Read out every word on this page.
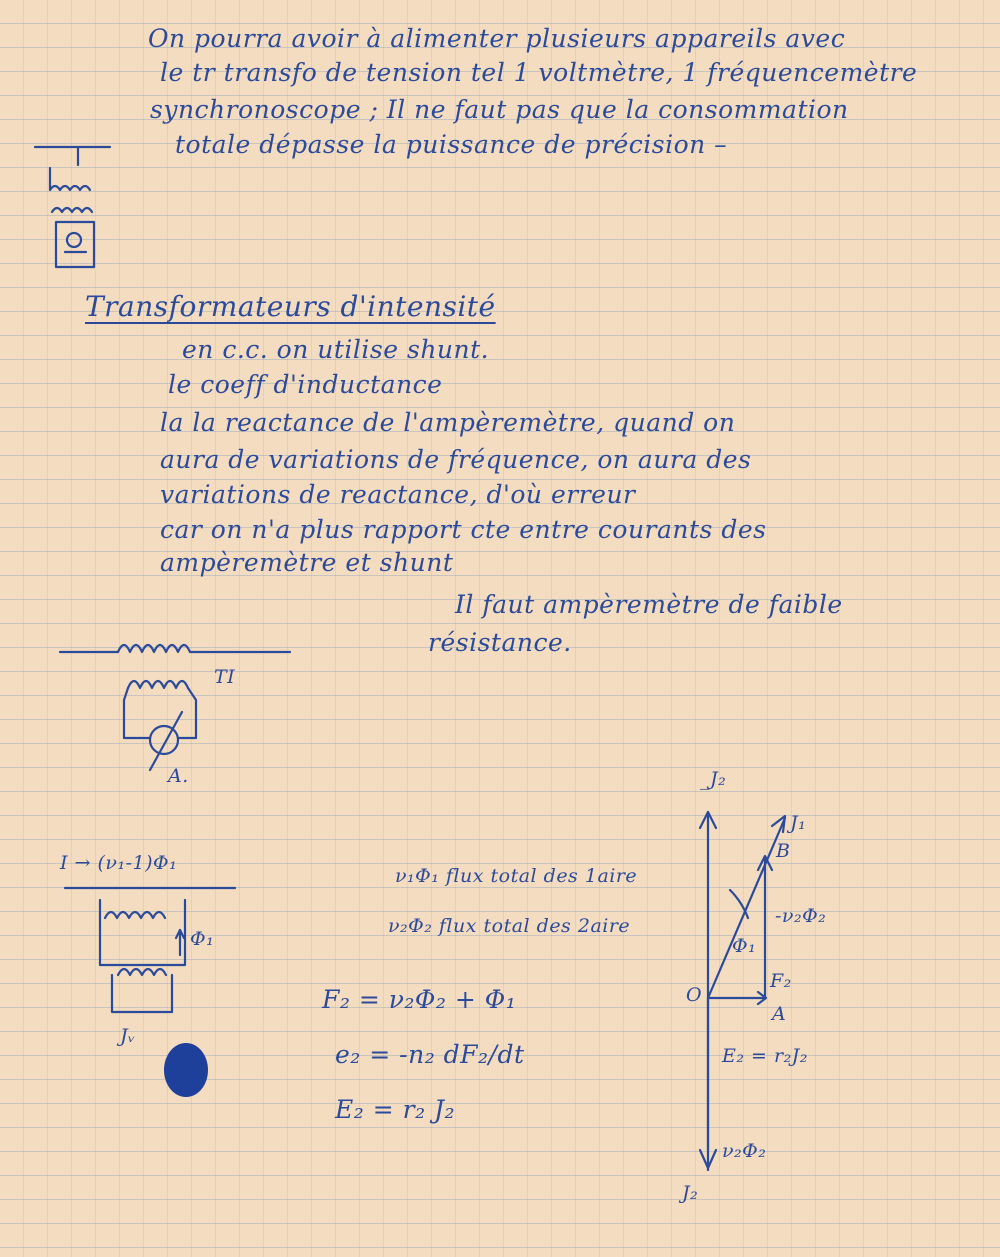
On pourra avoir à alimenter plusieurs appareils avec
le tr transfo de tension tel 1 voltmètre, 1 fréquencemètre
synchronoscope ; Il ne faut pas que la consommation
totale dépasse la puissance de précision –
Transformateurs d'intensité
en c.c. on utilise shunt.
le coeff d'inductance
la la reactance de l'ampèremètre, quand on
aura de variations de fréquence, on aura des
variations de reactance, d'où erreur
car on n'a plus rapport cte entre courants des
ampèremètre et shunt
Il faut ampèremètre de faible
résistance.
TI
A.
I → (ν₁-1)Φ₁
Φ₁
Jᵥ
ν₁Φ₁ flux total des 1aire
ν₂Φ₂ flux total des 2aire
F₂ = ν₂Φ₂ + Φ₁
e₂ = -n₂ dF₂/dt
E₂ = r₂ J₂
_J₂
J₁
B
-ν₂Φ₂
Φ₁
F₂
O
A
E₂ = r₂J₂
ν₂Φ₂
J₂
